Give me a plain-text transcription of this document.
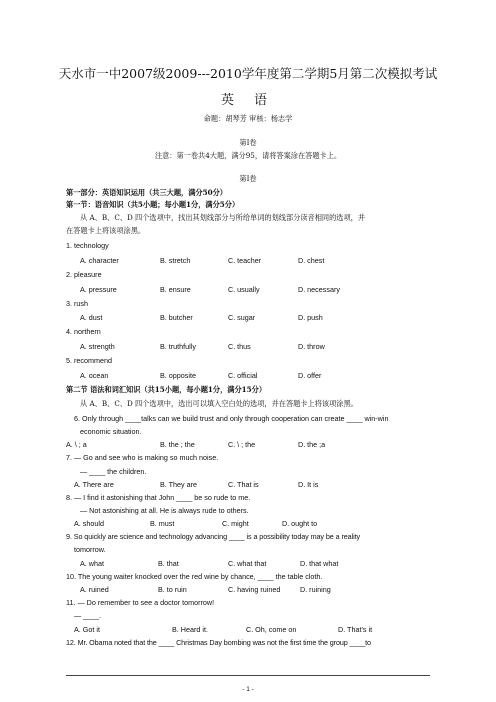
天水市一中2007级2009---2010学年度第二学期5月第二次模拟考试
英 语
命题：胡琴芳 审核：杨志学
第I卷
注意：第一卷共4大题，满分95，请将答案涂在答题卡上。
第I卷
第一部分：英语知识运用（共三大题，满分50分）
第一节：语音知识（共5小题；每小题1分，满分5分）
从 A、B、C、D 四个选项中，找出其划线部分与所给单词的划线部分读音相同的选项，并
在答题卡上将该项涂黑。
1. technology
A. character	B. stretch	C. teacher	D. chest
2. pleasure
A. pressure	B. ensure	C. usually	D. necessary
3. rush
A. dust	B. butcher	C. sugar	D. push
4. northern
A. strength	B. truthfully	C. thus	D. throw
5. recommend
A. ocean	B. opposite	C. official	D. offer
第二节 语法和词汇知识（共15小题，每小题1分，满分15分）
从 A、B、C、D 四个选项中，选出可以填入空白处的选项，并在答题卡上将该项涂黑。
6. Only through ____talks can we build trust and only through cooperation can create ____ win-win
economic situation.
A. \ ; a	B. the ; the	C. \ ; the	D. the ;a
7. — Go and see who is making so much noise.
— ____ the children.
A. There are	B. They are	C. That is	D. It is
8. — I find it astonishing that John ____ be so rude to me.
— Not astonishing at all. He is always rude to others.
A. should	B. must	C. might	D. ought to
9. So quickly are science and technology advancing ____ is a possibility today may be a reality
tomorrow.
A. what	B. that	C. what that	D. that what
10. The young waiter knocked over the red wine by chance, ____ the table cloth.
A. ruined	B. to ruin	C. having ruined	D. ruining
11. — Do remember to see a doctor tomorrow!
— ____.
A. Got it	B. Heard it.	C. Oh, come on	D. That’s it
12. Mr. Obama noted that the ____ Christmas Day bombing was not the first time the group ____to
- 1 -
